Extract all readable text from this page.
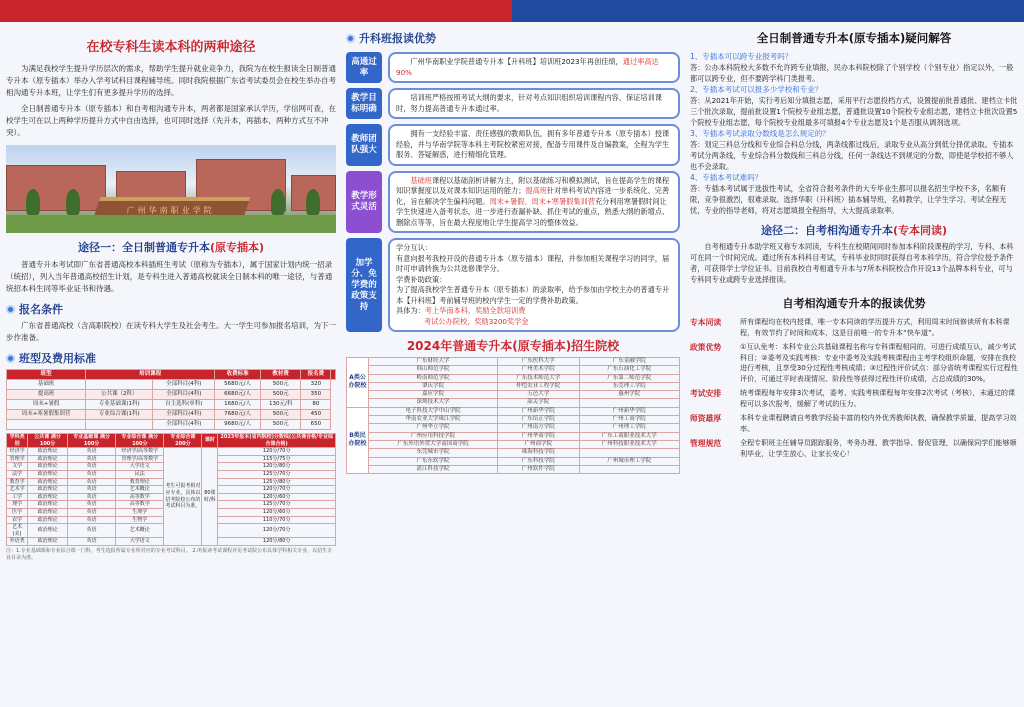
在校专科生读本科的两种途径

为满足我校学生提升学历层次的需求，帮助学生提升就业竞争力，我院为在校生报读全日制普通专升本（原专插本）举办入学考试科目课程辅导班。同时我院根据广东省考试委员会在校生举办自考相沟通专升本班，让学生们有更多提升学历的选择。

全日制普通专升本（原专插本）和自考相沟通专升本，两者都是国家承认学历，学信网可查，在校学生可在以上两种学历提升方式中自由选择，也可同时选择（先升本，再插本，两种方式互不冲突）。

广州华南职业学院
途径一：全日制普通专升本(原专插本)

普通专升本考试即广东省普通高校本科插班生考试（原称为专插本），属于国家计划内统一招录（统招），列入当年普通高校招生计划，是专科生进入普通高校就读全日制本科的唯一途径，与普通统招本科生同等毕业证书和待遇。

报名条件

广东省普通高校（含高职院校）在读专科大学生及社会考生。大一学生可参加报名培训，为下一步作准备。

班型及费用标准
班型	培训课程		收费标准	教材费	报名费	
基础班		全部科目(4科)	5680元/人	500元	320	
提高班	公共课（2科）	全部科目(4科)	6680元/人	500元	350	
周末+暑假	专业基础课(1科)	自主选科(单科)	1680元/人	130元/科	80	
周末+寒暑假集训营	专业综合课(1科)	全部科目(4科)	7680元/人	500元	450	
		全部科目(4科)	9680元/人	500元	650	
学科类别	公共课 满分100分	专业基础课 满分100分	专业综合课 满分100分	专业综合课 200分	课时	2023年报本(省内院校)分数线(公共课合格/专业综合课合格)
经济学	政治理论	英语	经济学/高等数学	考生可报考相对应专业，具体以招考院校公布的考试科目为准。	80课时/科	120分/70分
管理学	政治理论	英语	管理学/高等数学			115分/75分
文学	政治理论	英语	大学语文			120分/80分
法学	政治理论	英语	民法			125分/70分
教育学	政治理论	英语	教育理论			125分/80分
艺术学	政治理论	英语	艺术概论			120分/70分
工学	政治理论	英语	高等数学			120分/60分
理学	政治理论	英语	高等数学			125分/70分
医学	政治理论	英语	生理学			120分/60分
农学	政治理论	英语	生物学			110分/70分
艺术(美)	政治理论	英语	艺术概论			120分/70分
外语类	政治理论	英语	大学语文			120分/80分
注：1.专业基础课和专业综合课一门科，考生选报所属专业所对应的专业考试科目。 2.所报读考试课程详见考试院公布具体学科相关专业，以招生专业目录为准。
升科班报读优势
高通过率
广州华南职业学院普通专升本【升科班】培训班2023年再创佳绩，通过率高达90%
教学目标明确
培训班严格按照考试大纲的要求，针对考点知识组织培训课程内容，保证培训课时，努力提高普通专升本通过率。
教师团队强大
拥有一支经验丰富、责任感强的教师队伍，拥有多年普通专升本（原专插本）授课经验，并与华南学院等本科主考院校紧密对接，配备专用课件及自编教案，全程为学生服务、答疑解惑，进行精细化管理。
教学形式灵活
基础班课程以基础剖析讲解为主，附以基础练习和模拟测试，旨在提高学生的课程知识掌握度以及对课本知识运用的能力；提高班针对单科考试内容进一步系统化、完善化，旨在解决学生偏科问题。周末+暑假、周末+寒暑假集训营充分利用寒暑假时间让学生快速进入备考状态，进一步进行查漏补缺、抓住考试的重点，熟悉大纲的新增点、删除点等等，旨在最大程度地让学生提高学习的整体效益。
加学分、免学费的政策支持
学分互认：
有意向报考我校开设的普通专升本（原专插本）课程，并参加相关课程学习的同学，届时可申请转换为公共选修课学分。
学费补助政策：
为了提高我校学生普通专升本（原专插本）的录取率，给予参加由学校主办的普通专升本【升科班】考前辅导班的校内学生一定的学费补助政策。
具体为：考上华南本科，奖励全款培训费
考试公办院校，奖励3200奖学金
2024年普通专升本(原专插本)招生院校
A类公办院校	广东财经大学	广东医科大学	广东金融学院
	韩山师范学院	广州美术学院	广东石油化工学院
	岭南师范学院	广东技术师范大学	广东第二师范学院
	肇庆学院	仲恺农业工程学院	东莞理工学院
	嘉应学院	五邑大学	惠州学院
	深圳技术大学	韶关学院	
B类民办院校	电子科技大学中山学院	广州新华学院	广州新华学院
	华南农业大学珠江学院	广东培正学院	广州工商学院
	广州华立学院	广州南方学院	广州理工学院
	广州应用科技学院	广州华商学院	广东工商职业技术大学
	广东外语外贸大学南国商学院	广州商学院	广州科技职业技术大学
	东莞城市学院	珠海科技学院	
	广东东软学院	广东科技学院	广州城市理工学院
	湛江科技学院	广州软件学院	
全日制普通专升本(原专插本)疑问解答
1、专插本可以跨专业报考吗？
答：公办本科院校大多数不允许跨专业填报，民办本科院校除了个别学校（个别专业）指定以外，一般都可以跨专业，但不要跨学科门类报考。
2、专插本考试可以报多少学校和专业？
答：从2021年开始，实行考后知分填报志愿，采用平行志愿投档方式，设置提前批普通批、建档立卡批三个批次录取，提前批设置1个院校专业组志愿，普通批设置10个院校专业组志愿，建档立卡批次设置5个院校专业组志愿，每个院校专业组最多可填报4个专业志愿及1个是否服从调剂选项。
3、专插本考试录取分数线是怎么规定的？
答：划定三科总分线和专业综合科总分线，两条线都过线后，录取专业从高分到低分择优录取。专插本考试分两条线，专业综合科分数线和三科总分线，任何一条线达不到规定的分数，即使是学校招不够人也不会录取。
4、专插本考试难吗？
答：专插本考试属于选拔性考试，全省符合报考条件的大专毕业生都可以报名招生学校不多，名额有限，竞争很激烈，很难录取。选择华职（升科班）插本辅导班，名师教学，让学生学习、考试全程无忧，专业的指导老师，将对志愿填报全程指导，大大提高录取率。
途径二：自考相沟通专升本(专本同读)

自考相通专升本助学班又称专本同读，专科生在校期间同时参加本科阶段课程的学习，专科、本科可在同一个时间完成。通过所有本科科目考试，专科毕业时同时获得自考本科学历，符合学位授予条件者，可获得学士学位证书。目前我校自考相通专升本与7所本科院校合作开设13个品牌本科专业，可与专科同专业或跨专业选择报读。

自考相沟通专升本的报读优势
专本同读	所有课程均在校内授课，唯一专本同读的学历提升方式，利用周末时间修读所有本科课程，有效节约了时间和成本，这是目前唯一的专升本“快车道”。
政策优势	①互认免考：本科专业公共基础课程名称与专科课程相同的，可进行成绩互认，减少考试科目；②委考及实践考核：专业中委考及实践考核课程由主考学校组织命题，安排在我校进行考核，且享受30分过程性考核成绩；③过程性评价试点：部分省统考课程实行过程性评价，可通过平时表现情况、阶段性等获得过程性评价成绩，占总成绩的30%。
考试安排	统考课程每年安排3次考试，委考、实践考核课程每年安排2次考试（考核），未通过的课程可以多次报考，缓解了考试的压力。
师资雄厚	本科专业课程聘请自考教学经验丰富的校内外优秀教师执教，确保教学质量，提高学习效率。
管理规范	全程专职班主任辅导员跟踪服务，考务办理、教学指导、督促管理，以确保同学们能够顺利毕业，让学生放心、让家长安心！
